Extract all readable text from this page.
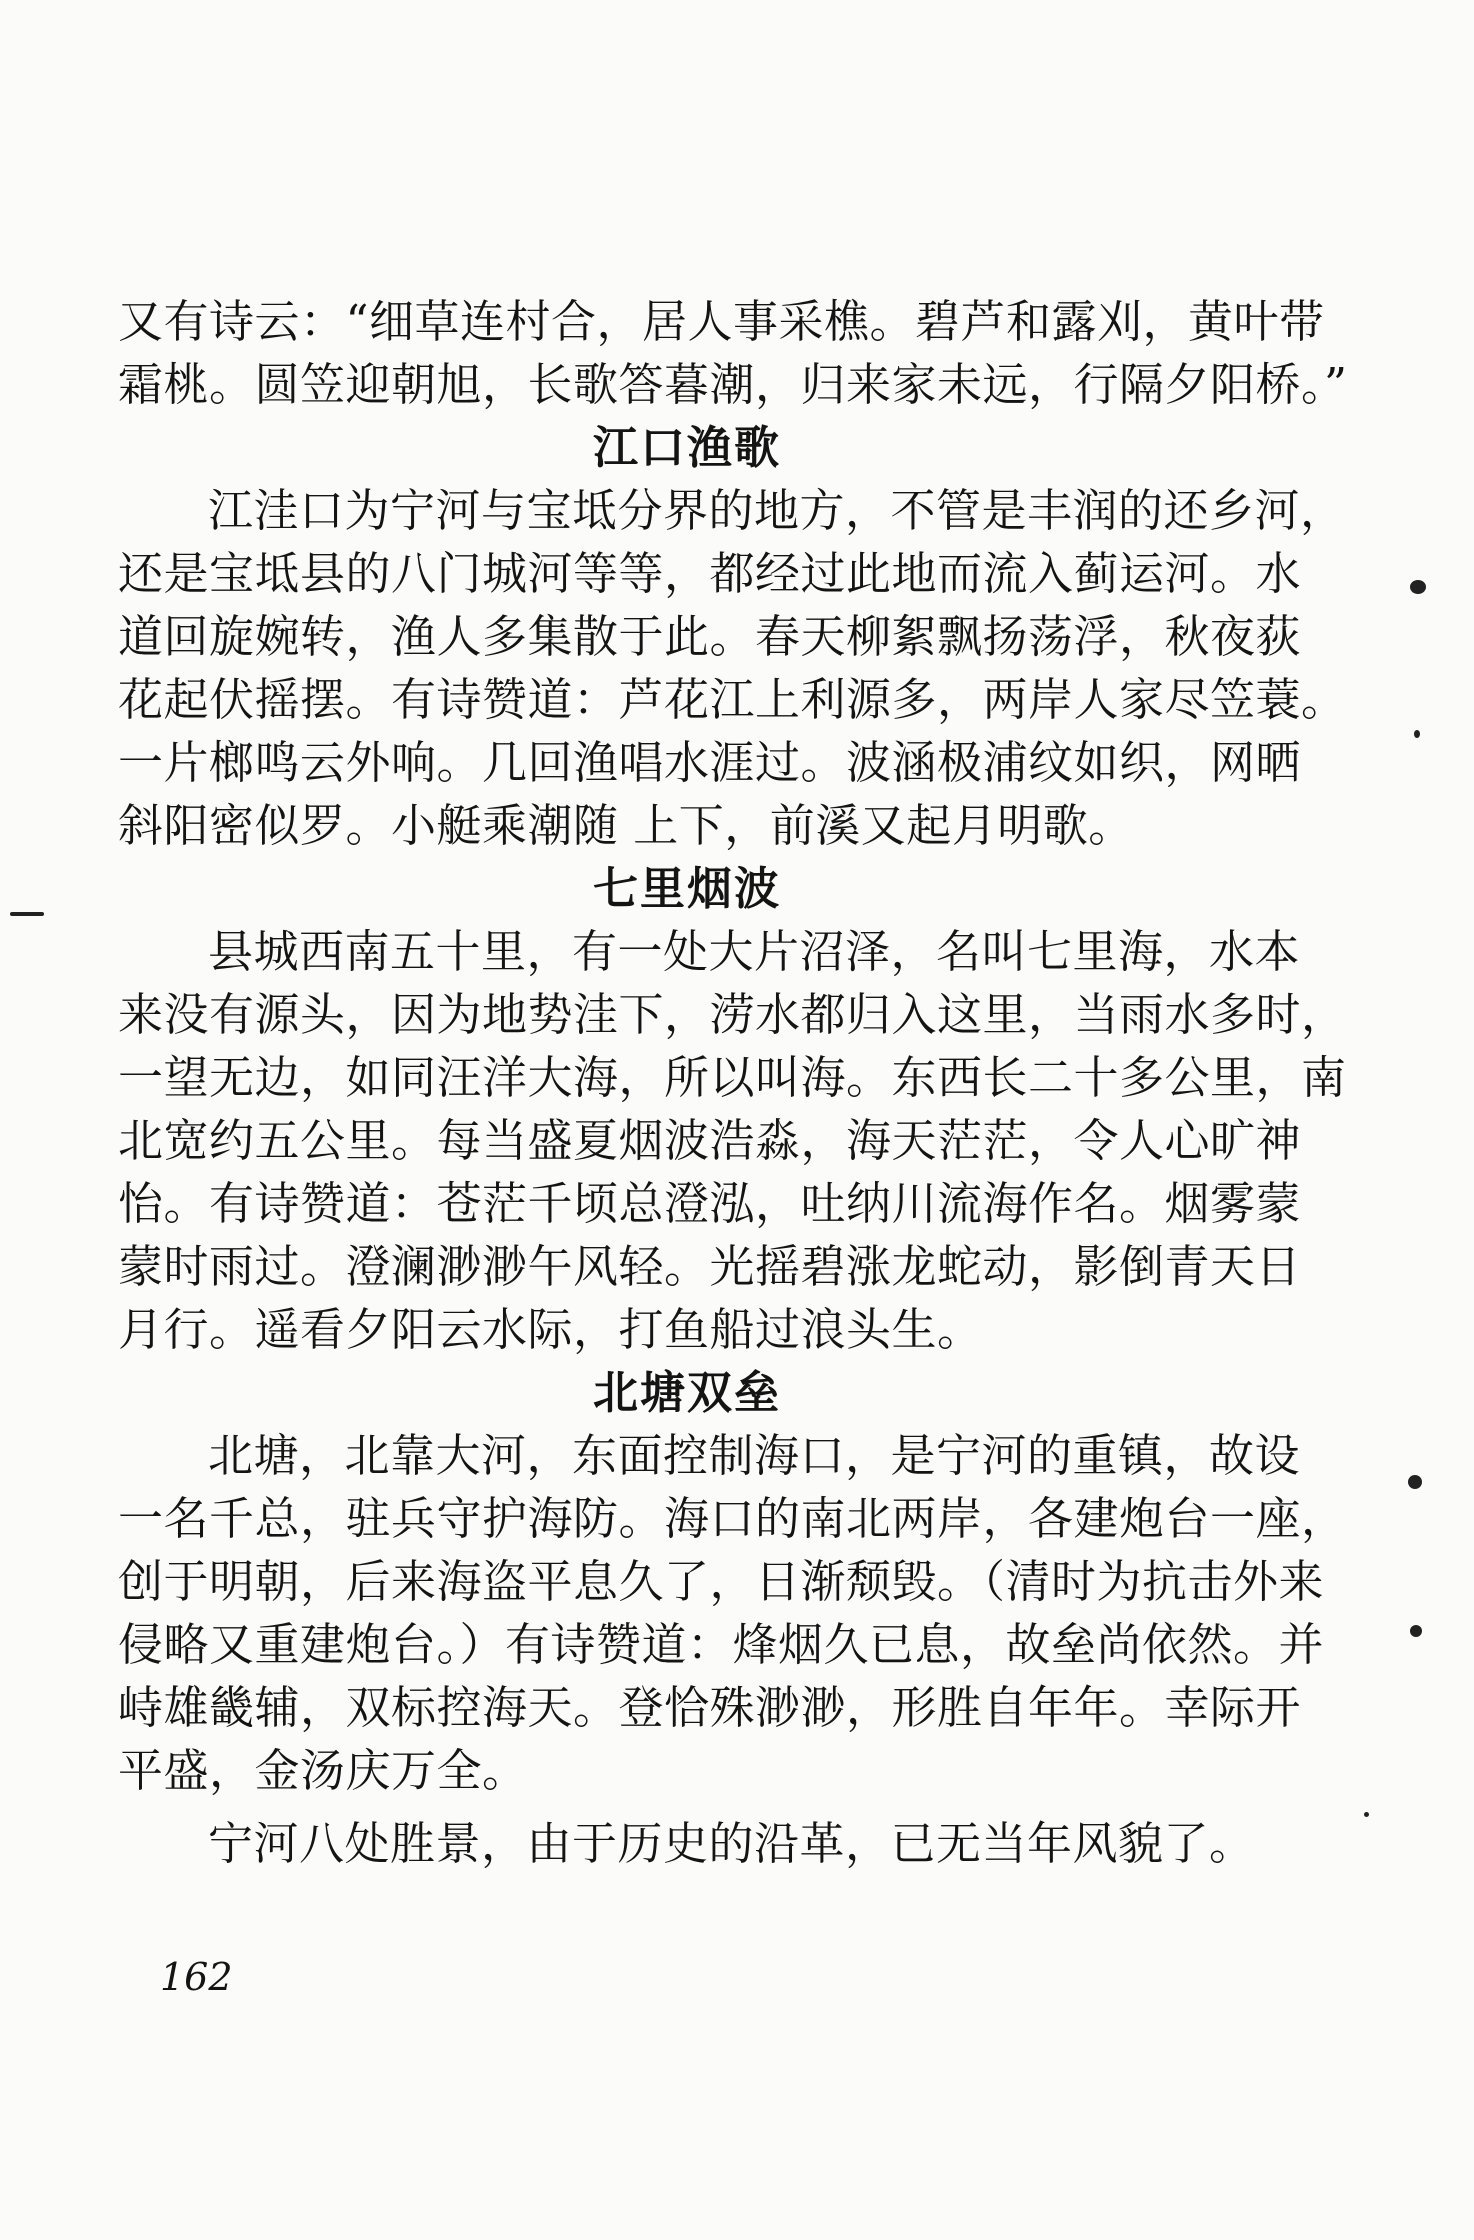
又有诗云：“细草连村合，居人事采樵。碧芦和露刈，黄叶带
霜桃。圆笠迎朝旭，长歌答暮潮，归来家未远，行隔夕阳桥。”
江口渔歌
江洼口为宁河与宝坻分界的地方，不管是丰润的还乡河，
还是宝坻县的八门城河等等，都经过此地而流入蓟运河。水
道回旋婉转，渔人多集散于此。春天柳絮飘扬荡浮，秋夜荻
花起伏摇摆。有诗赞道：芦花江上利源多，两岸人家尽笠蓑。
一片榔鸣云外响。几回渔唱水涯过。波涵极浦纹如织，网晒
斜阳密似罗。小艇乘潮随 上下，前溪又起月明歌。
七里烟波
县城西南五十里，有一处大片沼泽，名叫七里海，水本
来没有源头，因为地势洼下，涝水都归入这里，当雨水多时，
一望无边，如同汪洋大海，所以叫海。东西长二十多公里，南
北宽约五公里。每当盛夏烟波浩淼，海天茫茫，令人心旷神
怡。有诗赞道：苍茫千顷总澄泓，吐纳川流海作名。烟雾蒙
蒙时雨过。澄澜渺渺午风轻。光摇碧涨龙蛇动，影倒青天日
月行。遥看夕阳云水际，打鱼船过浪头生。
北塘双垒
北塘，北靠大河，东面控制海口，是宁河的重镇，故设
一名千总，驻兵守护海防。海口的南北两岸，各建炮台一座，
创于明朝，后来海盗平息久了，日渐颓毁。（清时为抗击外来
侵略又重建炮台。）有诗赞道：烽烟久已息，故垒尚依然。并
峙雄畿辅，双标控海天。登恰殊渺渺，形胜自年年。幸际开
平盛，金汤庆万全。
宁河八处胜景，由于历史的沿革，已无当年风貌了。
162
